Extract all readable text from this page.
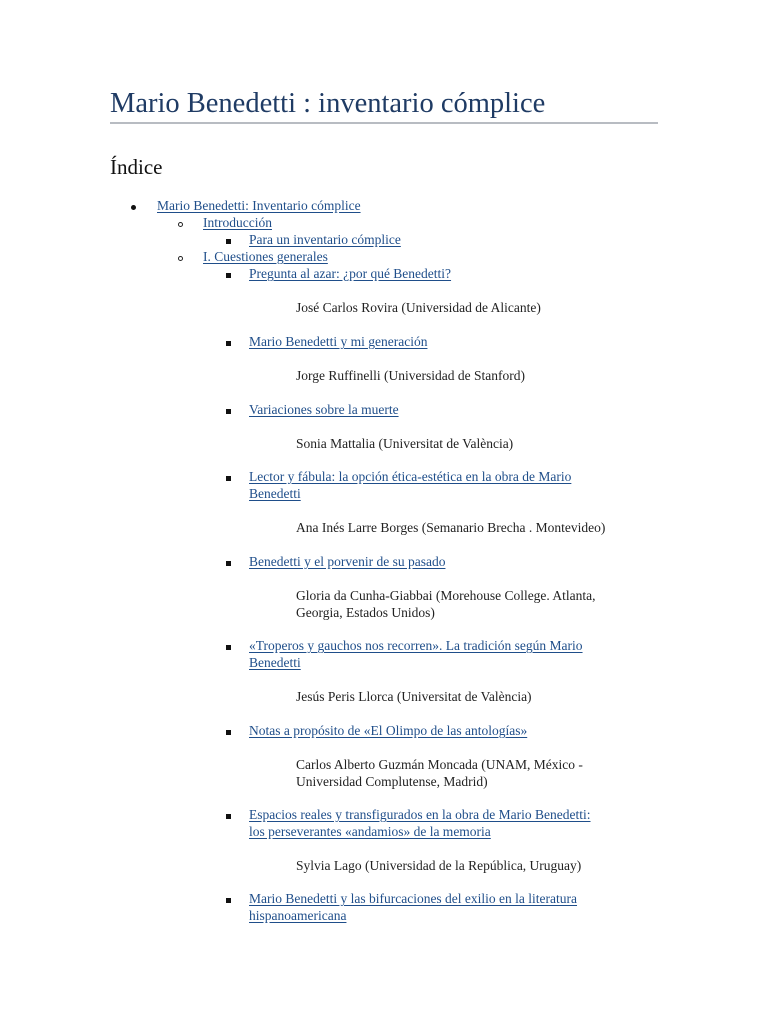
Mario Benedetti : inventario cómplice
Índice
Mario Benedetti: Inventario cómplice
Introducción
Para un inventario cómplice
I. Cuestiones generales
Pregunta al azar: ¿por qué Benedetti?
José Carlos Rovira (Universidad de Alicante)
Mario Benedetti y mi generación
Jorge Ruffinelli (Universidad de Stanford)
Variaciones sobre la muerte
Sonia Mattalia (Universitat de València)
Lector y fábula: la opción ética-estética en la obra de Mario
Benedetti
Ana Inés Larre Borges (Semanario Brecha . Montevideo)
Benedetti y el porvenir de su pasado
Gloria da Cunha-Giabbai (Morehouse College. Atlanta,
Georgia, Estados Unidos)
«Troperos y gauchos nos recorren». La tradición según Mario
Benedetti
Jesús Peris Llorca (Universitat de València)
Notas a propósito de «El Olimpo de las antologías»
Carlos Alberto Guzmán Moncada (UNAM, México -
Universidad Complutense, Madrid)
Espacios reales y transfigurados en la obra de Mario Benedetti:
los perseverantes «andamios» de la memoria
Sylvia Lago (Universidad de la República, Uruguay)
Mario Benedetti y las bifurcaciones del exilio en la literatura
hispanoamericana
